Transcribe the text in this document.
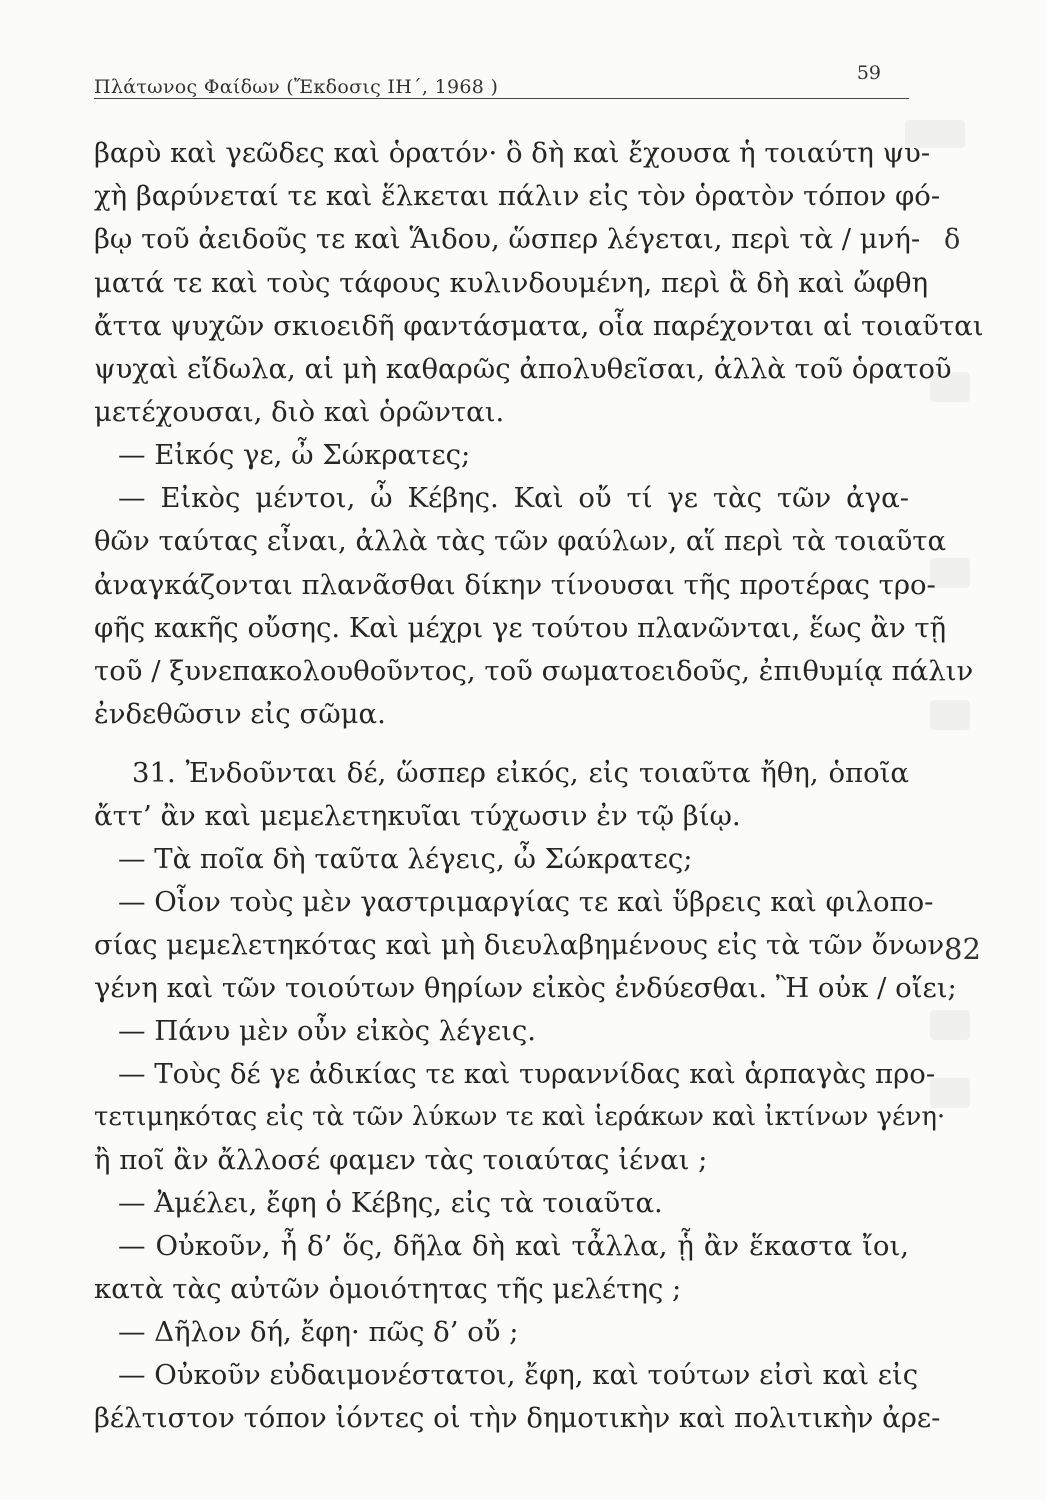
Πλάτωνος Φαίδων (Ἔκδοσις ΙΗ΄, 1968 )
59
βαρὺ καὶ γεῶδες καὶ ὁρατόν· ὃ δὴ καὶ ἔχουσα ἡ τοιαύτη ψυ-
χὴ βαρύνεταί τε καὶ ἕλκεται πάλιν εἰς τὸν ὁρατὸν τόπον φό-
βῳ τοῦ ἀειδοῦς τε καὶ Ἅιδου, ὥσπερ λέγεται, περὶ τὰ / μνή-
ματά τε καὶ τοὺς τάφους κυλινδουμένη, περὶ ἃ δὴ καὶ ὤφθη
ἄττα ψυχῶν σκιοειδῆ φαντάσματα, οἷα παρέχονται αἱ τοιαῦται
ψυχαὶ εἴδωλα, αἱ μὴ καθαρῶς ἀπολυθεῖσαι, ἀλλὰ τοῦ ὁρατοῦ
μετέχουσαι, διὸ καὶ ὁρῶνται.
— Εἰκός γε, ὦ Σώκρατες;
— Εἰκὸς μέντοι, ὦ Κέβης. Καὶ οὔ τί γε τὰς τῶν ἀγα-
θῶν ταύτας εἶναι, ἀλλὰ τὰς τῶν φαύλων, αἵ περὶ τὰ τοιαῦτα
ἀναγκάζονται πλανᾶσθαι δίκην τίνουσαι τῆς προτέρας τρο-
φῆς κακῆς οὔσης. Καὶ μέχρι γε τούτου πλανῶνται, ἕως ἂν τῇ
τοῦ / ξυνεπακολουθοῦντος, τοῦ σωματοειδοῦς, ἐπιθυμίᾳ πάλιν
ἐνδεθῶσιν εἰς σῶμα.
31. Ἐνδοῦνται δέ, ὥσπερ εἰκός, εἰς τοιαῦτα ἤθη, ὁποῖα
ἄττ’ ἂν καὶ μεμελετηκυῖαι τύχωσιν ἐν τῷ βίῳ.
— Τὰ ποῖα δὴ ταῦτα λέγεις, ὦ Σώκρατες;
— Οἷον τοὺς μὲν γαστριμαργίας τε καὶ ὕβρεις καὶ φιλοπο-
σίας μεμελετηκότας καὶ μὴ διευλαβημένους εἰς τὰ τῶν ὄνων
γένη καὶ τῶν τοιούτων θηρίων εἰκὸς ἐνδύεσθαι. Ἢ οὐκ / οἴει;
— Πάνυ μὲν οὖν εἰκὸς λέγεις.
— Τοὺς δέ γε ἀδικίας τε καὶ τυραννίδας καὶ ἁρπαγὰς προ-
τετιμηκότας εἰς τὰ τῶν λύκων τε καὶ ἱεράκων καὶ ἰκτίνων γένη·
ἢ ποῖ ἂν ἄλλοσέ φαμεν τὰς τοιαύτας ἰέναι ;
— Ἀμέλει, ἔφη ὁ Κέβης, εἰς τὰ τοιαῦτα.
— Οὐκοῦν, ἦ δ’ ὅς, δῆλα δὴ καὶ τἆλλα, ᾗ ἂν ἕκαστα ἴοι,
κατὰ τὰς αὐτῶν ὁμοιότητας τῆς μελέτης ;
— Δῆλον δή, ἔφη· πῶς δ’ οὔ ;
— Οὐκοῦν εὐδαιμονέστατοι, ἔφη, καὶ τούτων εἰσὶ καὶ εἰς
βέλτιστον τόπον ἰόντες οἱ τὴν δημοτικὴν καὶ πολιτικὴν ἀρε-
δ
82
